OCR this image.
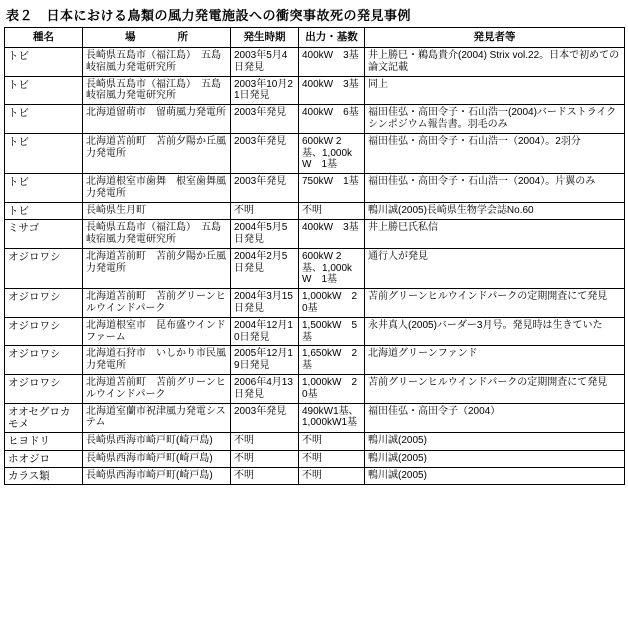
表２　日本における鳥類の風力発電施設への衝突事故死の発見事例
種名	場　　　　所	発生時期	出力・基数	発見者等
トビ	長崎県五島市（福江島）　五島岐宿風力発電研究所	2003年5月4日発見	400kW　3基	井上勝巳・鵜島貴介(2004) Strix vol.22。日本で初めての論文記載
トビ	長崎県五島市（福江島）　五島岐宿風力発電研究所	2003年10月21日発見	400kW　3基	同上
トビ	北海道留萌市　留萌風力発電所	2003年発見	400kW　6基	福田佳弘・高田令子・石山浩一(2004)バードストライクシンポジウム報告書。羽毛のみ
トビ	北海道苫前町　苫前夕陽か丘風力発電所	2003年発見	600kW 2基、1,000kW　1基	福田佳弘・高田令子・石山浩一（2004）。2羽分
トビ	北海道根室市歯舞　根室歯舞風力発電所	2003年発見	750kW　1基	福田佳弘・高田令子・石山浩一（2004）。片翼のみ
トビ	長崎県生月町	不明	不明	鴨川誠(2005)長崎県生物学会誌No.60
ミサゴ	長崎県五島市（福江島）　五島岐宿風力発電研究所	2004年5月5日発見	400kW　3基	井上勝巳氏私信
オジロワシ	北海道苫前町　苫前夕陽か丘風力発電所	2004年2月5日発見	600kW 2基、1,000kW　1基	通行人が発見
オジロワシ	北海道苫前町　苫前グリーンヒルウインドパーク	2004年3月15日発見	1,000kW　20基	苫前グリーンヒルウインドパークの定期開査にて発見
オジロワシ	北海道根室市　昆布盛ウインドファーム	2004年12月10日発見	1,500kW　5基	永井真人(2005)バーダー3月号。発見時は生きていた
オジロワシ	北海道石狩市　いしかり市民風力発電所	2005年12月19日発見	1,650kW　2基	北海道グリーンファンド
オジロワシ	北海道苫前町　苫前グリーンヒルウインドパーク	2006年4月13日発見	1,000kW　20基	苫前グリーンヒルウインドパークの定期開査にて発見
オオセグロカモメ	北海道室蘭市祝津風力発電システム	2003年発見	490kW1基、1,000kW1基	福田佳弘・高田令子（2004）
ヒヨドリ	長崎県西海市崎戸町(崎戸島)	不明	不明	鴨川誠(2005)
ホオジロ	長崎県西海市崎戸町(崎戸島)	不明	不明	鴨川誠(2005)
カラス類	長崎県西海市崎戸町(崎戸島)	不明	不明	鴨川誠(2005)
